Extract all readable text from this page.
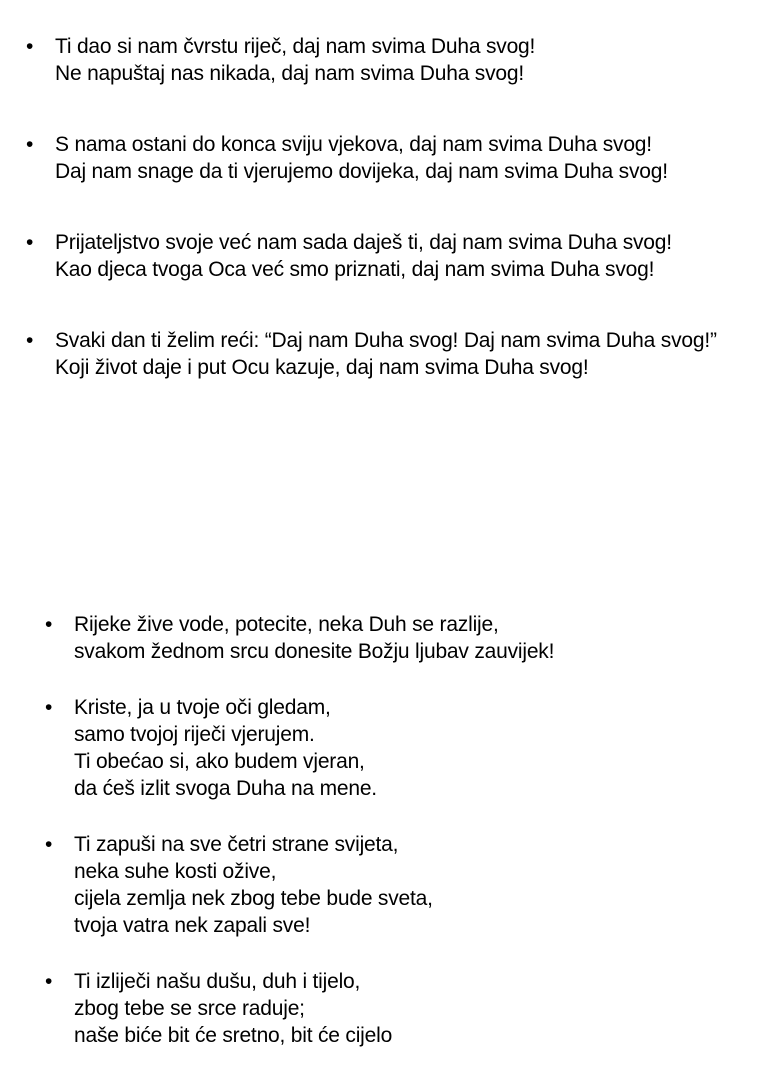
•	Ti dao si nam čvrstu riječ, daj nam svima Duha svog!
Ne napuštaj nas nikada, daj nam svima Duha svog!
•	S nama ostani do konca sviju vjekova, daj nam svima Duha svog!
Daj nam snage da ti vjerujemo dovijeka, daj nam svima Duha svog!
•	Prijateljstvo svoje već nam sada daješ ti, daj nam svima Duha svog!
Kao djeca tvoga Oca već smo priznati, daj nam svima Duha svog!
•	Svaki dan ti želim reći: “Daj nam Duha svog! Daj nam svima Duha svog!”
Koji život daje i put Ocu kazuje, daj nam svima Duha svog!
•	Rijeke žive vode, potecite, neka Duh se razlije,
svakom žednom srcu donesite Božju ljubav zauvijek!
•	Kriste, ja u tvoje oči gledam,
samo tvojoj riječi vjerujem.
Ti obećao si, ako budem vjeran,
da ćeš izlit svoga Duha na mene.
•	Ti zapuši na sve četri strane svijeta,
neka suhe kosti ožive,
cijela zemlja nek zbog tebe bude sveta,
tvoja vatra nek zapali sve!
•	Ti izliječi našu dušu, duh i tijelo,
zbog tebe se srce raduje;
naše biće bit će sretno, bit će cijelo
